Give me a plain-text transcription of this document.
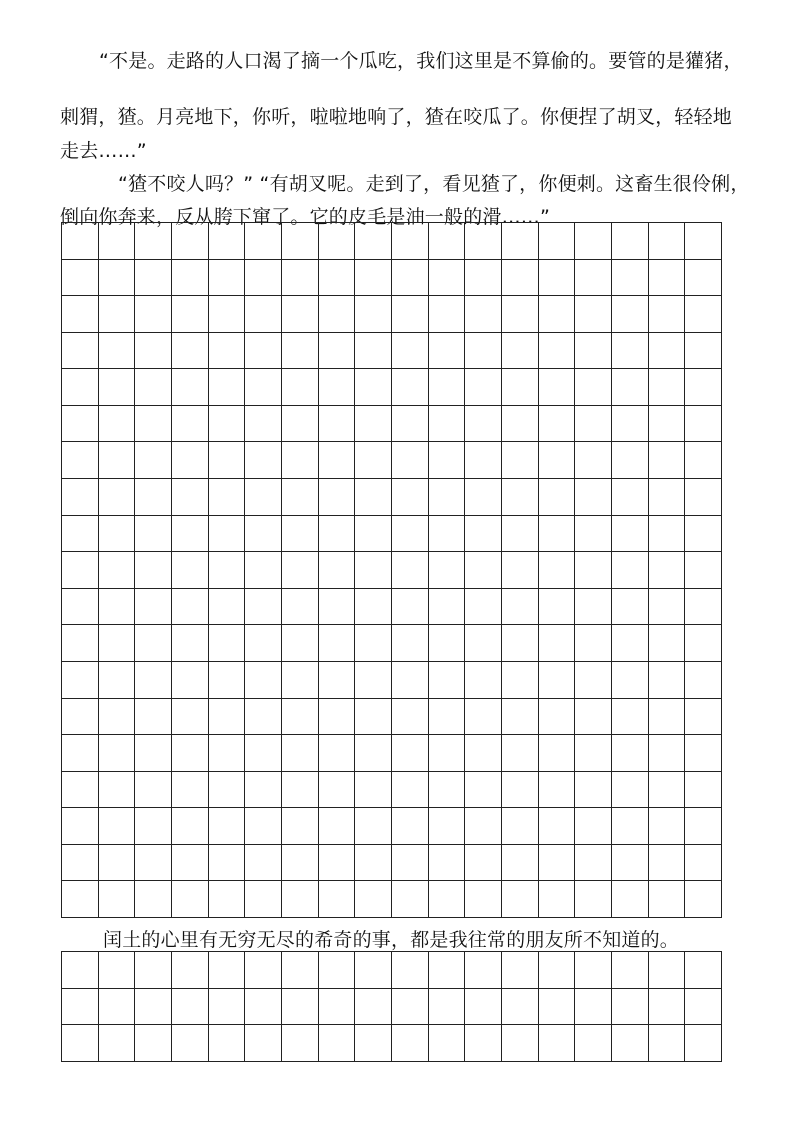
“不是。走路的人口渴了摘一个瓜吃，我们这里是不算偷的。要管的是獾猪，

刺猬，猹。月亮地下，你听，啦啦地响了，猹在咬瓜了。你便捏了胡叉，轻轻地

走去……”

“猹不咬人吗？” “有胡叉呢。走到了，看见猹了，你便刺。这畜生很伶俐，

倒向你奔来，反从胯下窜了。它的皮毛是油一般的滑……”

闰土的心里有无穷无尽的希奇的事，都是我往常的朋友所不知道的。
